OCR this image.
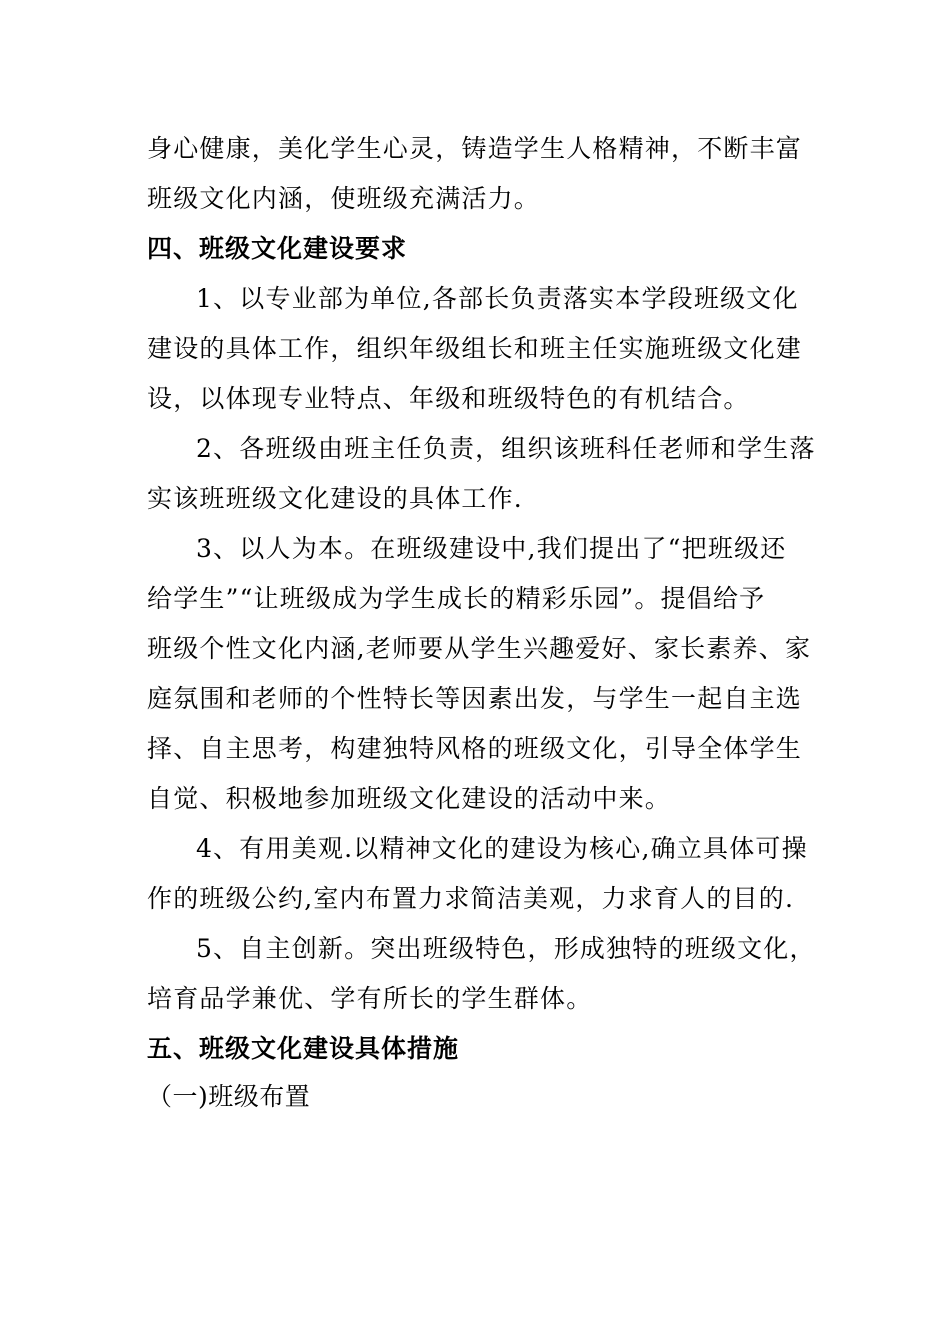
身心健康，美化学生心灵，铸造学生人格精神，不断丰富
班级文化内涵，使班级充满活力。
四、班级文化建设要求
1、以专业部为单位,各部长负责落实本学段班级文化
建设的具体工作，组织年级组长和班主任实施班级文化建
设，以体现专业特点、年级和班级特色的有机结合。
2、各班级由班主任负责，组织该班科任老师和学生落
实该班班级文化建设的具体工作.
3、以人为本。在班级建设中,我们提出了“把班级还
给学生”“让班级成为学生成长的精彩乐园”。提倡给予
班级个性文化内涵,老师要从学生兴趣爱好、家长素养、家
庭氛围和老师的个性特长等因素出发，与学生一起自主选
择、自主思考，构建独特风格的班级文化，引导全体学生
自觉、积极地参加班级文化建设的活动中来。
4、有用美观.以精神文化的建设为核心,确立具体可操
作的班级公约,室内布置力求简洁美观，力求育人的目的.
5、自主创新。突出班级特色，形成独特的班级文化，
培育品学兼优、学有所长的学生群体。
五、班级文化建设具体措施
（一)班级布置
